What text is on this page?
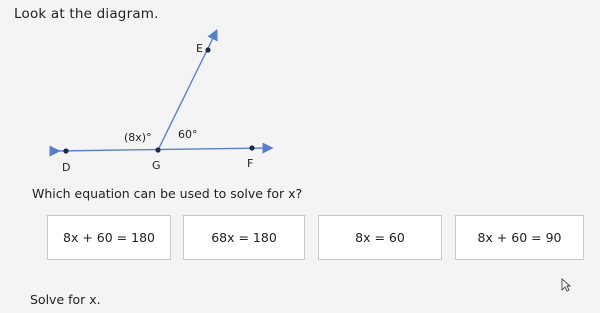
Look at the diagram.
E
D	G	F
(8x)° 60°
Which equation can be used to solve for x?
8x + 60 = 180	68x = 180	8x = 60	8x + 60 = 90
Solve for x.
